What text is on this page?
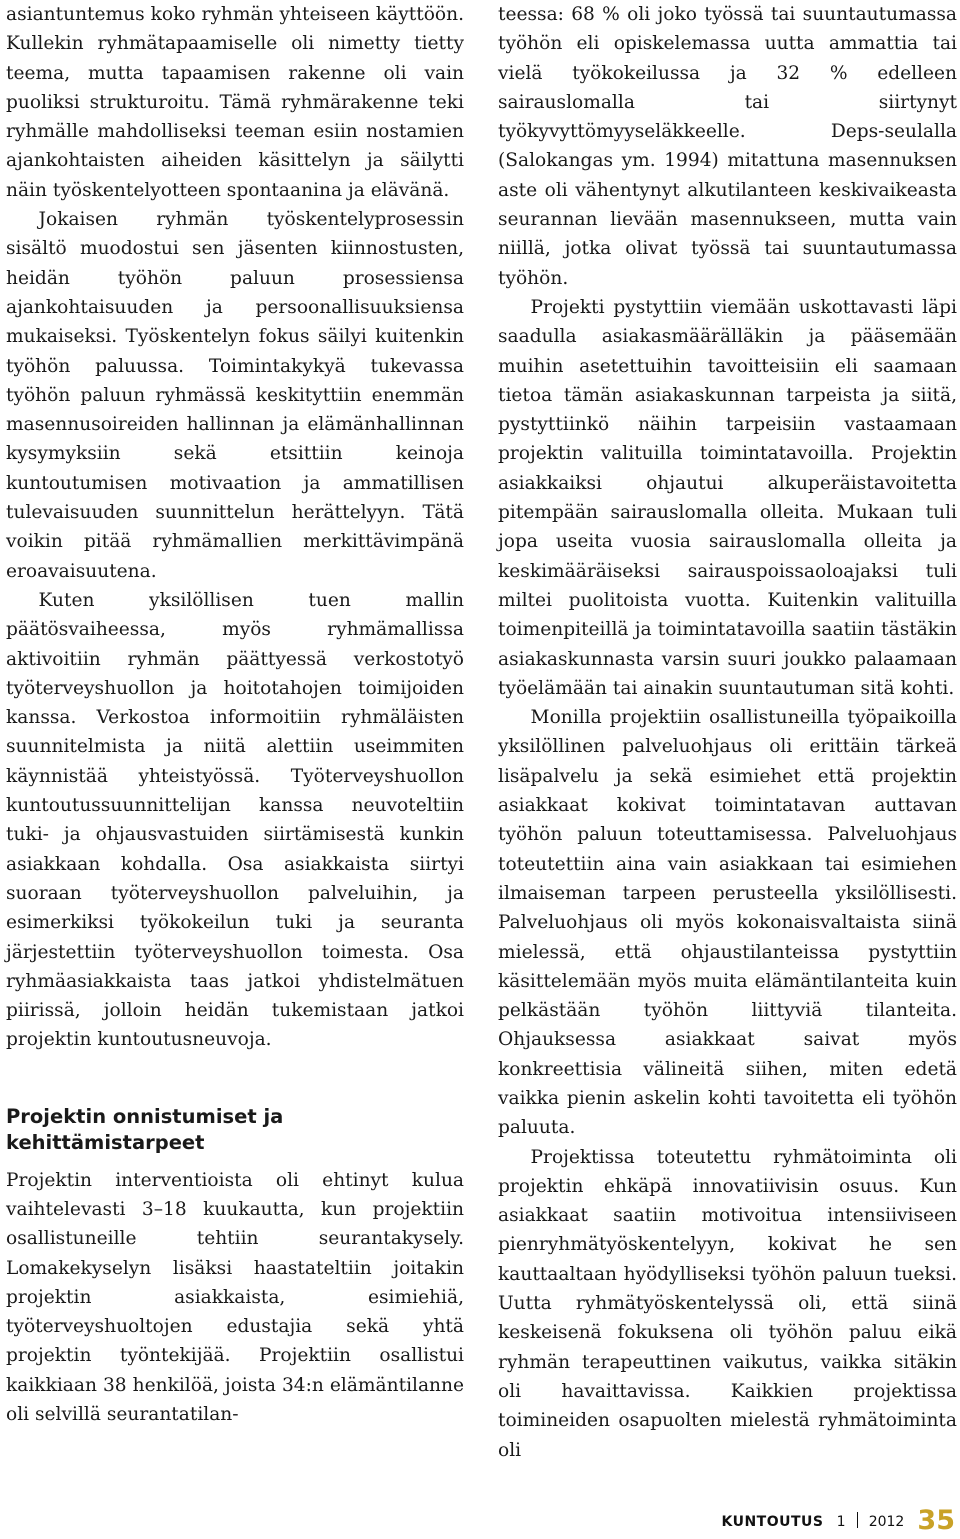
asiantuntemus koko ryhmän yhteiseen käyttöön. Kullekin ryhmätapaamiselle oli nimetty tietty teema, mutta tapaamisen rakenne oli vain puoliksi strukturoitu. Tämä ryhmärakenne teki ryhmälle mahdolliseksi teeman esiin nostamien ajankohtaisten aiheiden käsittelyn ja säilytti näin työskentelyotteen spontaanina ja elävänä.

Jokaisen ryhmän työskentelyprosessin sisältö muodostui sen jäsenten kiinnostusten, heidän työhön paluun prosessiensa ajankohtaisuuden ja persoonallisuuksiensa mukaiseksi. Työskentelyn fokus säilyi kuitenkin työhön paluussa. Toimintakykyä tukevassa työhön paluun ryhmässä keskityttiin enemmän masennusoireiden hallinnan ja elämänhallinnan kysymyksiin sekä etsittiin keinoja kuntoutumisen motivaation ja ammatillisen tulevaisuuden suunnittelun herättelyyn. Tätä voikin pitää ryhmämallien merkittävimpänä eroavaisuutena.

Kuten yksilöllisen tuen mallin päätösvaiheessa, myös ryhmämallissa aktivoitiin ryhmän päättyessä verkostotyö työterveyshuollon ja hoitotahojen toimijoiden kanssa. Verkostoa informoitiin ryhmäläisten suunnitelmista ja niitä alettiin useimmiten käynnistää yhteistyössä. Työterveyshuollon kuntoutussuunnittelijan kanssa neuvoteltiin tuki- ja ohjausvastuiden siirtämisestä kunkin asiakkaan kohdalla. Osa asiakkaista siirtyi suoraan työterveyshuollon palveluihin, ja esimerkiksi työkokeilun tuki ja seuranta järjestettiin työterveyshuollon toimesta. Osa ryhmäasiakkaista taas jatkoi yhdistelmätuen piirissä, jolloin heidän tukemistaan jatkoi projektin kuntoutusneuvoja.

Projektin onnistumiset ja
kehittämistarpeet

Projektin interventioista oli ehtinyt kulua vaihtelevasti 3–18 kuukautta, kun projektiin osallistuneille tehtiin seurantakysely. Lomakekyselyn lisäksi haastateltiin joitakin projektin asiakkaista, esimiehiä, työterveyshuoltojen edustajia sekä yhtä projektin työntekijää. Projektiin osallistui kaikkiaan 38 henkilöä, joista 34:n elämäntilanne oli selvillä seurantatilan-

teessa: 68 % oli joko työssä tai suuntautumassa työhön eli opiskelemassa uutta ammattia tai vielä työkokeilussa ja 32 % edelleen sairauslomalla tai siirtynyt työkyvyttömyyseläkkeelle. Deps-seulalla (Salokangas ym. 1994) mitattuna masennuksen aste oli vähentynyt alkutilanteen keskivaikeasta seurannan lievään masennukseen, mutta vain niillä, jotka olivat työssä tai suuntautumassa työhön.

Projekti pystyttiin viemään uskottavasti läpi saadulla asiakasmäärälläkin ja pääsemään muihin asetettuihin tavoitteisiin eli saamaan tietoa tämän asiakaskunnan tarpeista ja siitä, pystyttiinkö näihin tarpeisiin vastaamaan projektin valituilla toimintatavoilla. Projektin asiakkaiksi ohjautui alkuperäistavoitetta pitempään sairauslomalla olleita. Mukaan tuli jopa useita vuosia sairauslomalla olleita ja keskimääräiseksi sairauspoissaoloajaksi tuli miltei puolitoista vuotta. Kuitenkin valituilla toimenpiteillä ja toimintatavoilla saatiin tästäkin asiakaskunnasta varsin suuri joukko palaamaan työelämään tai ainakin suuntautuman sitä kohti.

Monilla projektiin osallistuneilla työpaikoilla yksilöllinen palveluohjaus oli erittäin tärkeä lisäpalvelu ja sekä esimiehet että projektin asiakkaat kokivat toimintatavan auttavan työhön paluun toteuttamisessa. Palveluohjaus toteutettiin aina vain asiakkaan tai esimiehen ilmaiseman tarpeen perusteella yksilöllisesti. Palveluohjaus oli myös kokonaisvaltaista siinä mielessä, että ohjaustilanteissa pystyttiin käsittelemään myös muita elämäntilanteita kuin pelkästään työhön liittyviä tilanteita. Ohjauksessa asiakkaat saivat myös konkreettisia välineitä siihen, miten edetä vaikka pienin askelin kohti tavoitetta eli työhön paluuta.

Projektissa toteutettu ryhmätoiminta oli projektin ehkäpä innovatiivisin osuus. Kun asiakkaat saatiin motivoitua intensiiviseen pienryhmätyöskentelyyn, kokivat he sen kauttaaltaan hyödylliseksi työhön paluun tueksi. Uutta ryhmätyöskentelyssä oli, että siinä keskeisenä fokuksena oli työhön paluu eikä ryhmän terapeuttinen vaikutus, vaikka sitäkin oli havaittavissa. Kaikkien projektissa toimineiden osapuolten mielestä ryhmätoiminta oli

KUNTOUTUS 1 2012 35
